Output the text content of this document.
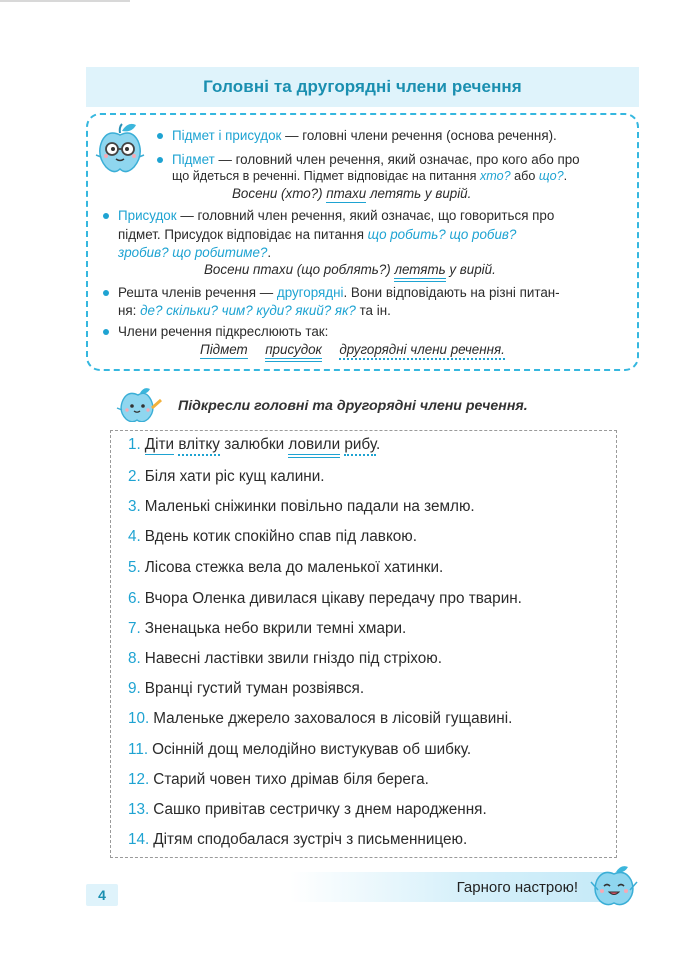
Головні та другорядні члени речення
Підмет і присудок — головні члени речення (основа речення).
Підмет — головний член речення, який означає, про кого або про
що йдеться в реченні. Підмет відповідає на питання хто? або що?.
Восени (хто?) птахи летять у вирій.
Присудок — головний член речення, який означає, що говориться про
підмет. Присудок відповідає на питання що робить? що робив?
зробив? що робитиме?.
Восени птахи (що роблять?) летять у вирій.
Решта членів речення — другорядні. Вони відповідають на різні питан-
ня: де? скільки? чим? куди? який? як? та ін.
Члени речення підкреслюють так:
Підмет присудок другорядні члени речення.
Підкресли головні та другорядні члени речення.
1. Діти влітку залюбки ловили рибу.
2. Біля хати ріс кущ калини.
3. Маленькі сніжинки повільно падали на землю.
4. Вдень котик спокійно спав під лавкою.
5. Лісова стежка вела до маленької хатинки.
6. Вчора Оленка дивилася цікаву передачу про тварин.
7. Зненацька небо вкрили темні хмари.
8. Навесні ластівки звили гніздо під стріхою.
9. Вранці густий туман розвіявся.
10. Маленьке джерело заховалося в лісовій гущавині.
11. Осінній дощ мелодійно вистукував об шибку.
12. Старий човен тихо дрімав біля берега.
13. Сашко привітав сестричку з днем народження.
14. Дітям сподобалася зустріч з письменницею.
4	Гарного настрою!
